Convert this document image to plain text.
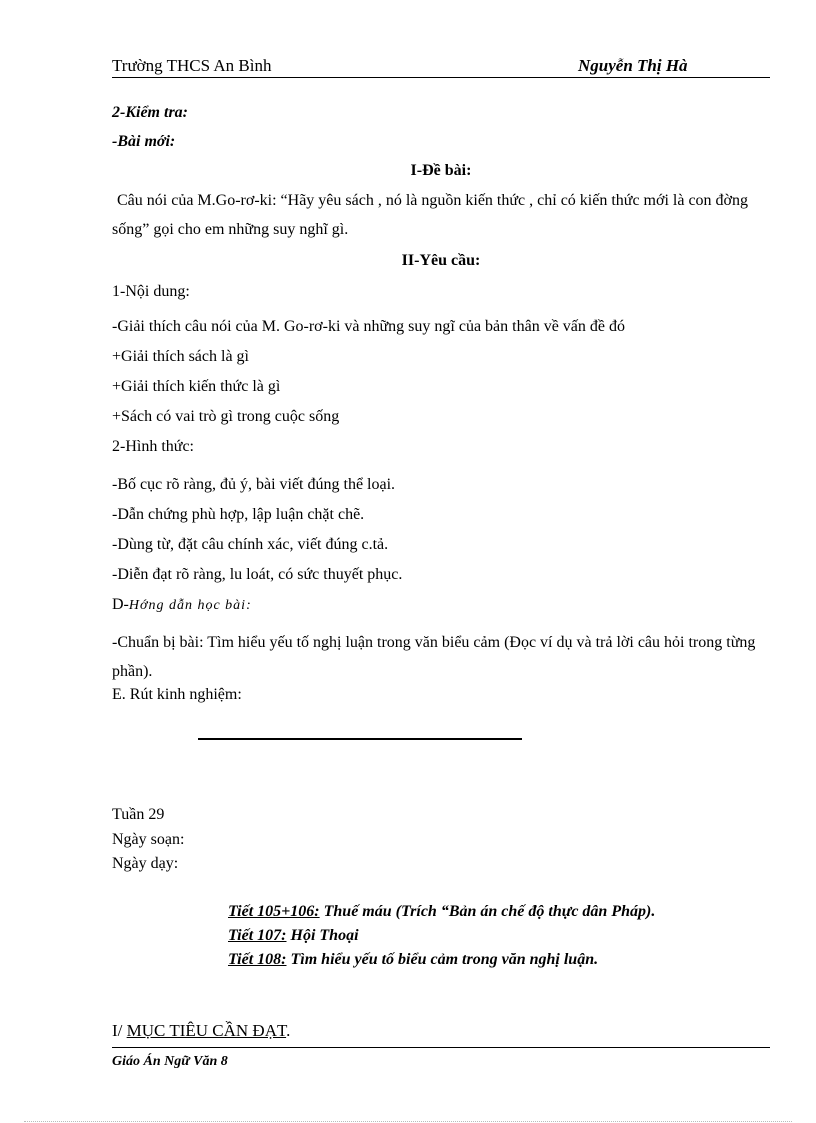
Trường THCS An Bình	Nguyễn Thị Hà
2-Kiểm tra:
-Bài mới:
I-Đề bài:
Câu nói của M.Go-rơ-ki: “Hãy yêu sách , nó là nguồn kiến thức , chỉ có kiến thức mới là con đờng sống” gọi cho em những suy nghĩ gì.
II-Yêu cầu:
1-Nội dung:
-Giải thích câu nói của M. Go-rơ-ki và những suy ngĩ của bản thân về vấn đề đó
+Giải thích sách là gì
+Giải thích kiến thức là gì
+Sách có vai trò gì trong cuộc sống
2-Hình thức:
-Bố cục rõ ràng, đủ ý, bài viết đúng thể loại.
-Dẫn chứng phù hợp, lập luận chặt chẽ.
-Dùng từ, đặt câu chính xác, viết đúng c.tả.
-Diễn đạt rõ ràng, lu loát, có sức thuyết phục.
D-Hớng dẫn học bài:
-Chuẩn bị bài: Tìm hiểu yếu tố nghị luận trong văn biểu cảm (Đọc ví dụ và trả lời câu hỏi trong từng phần).
E. Rút kinh nghiệm:
Tuần 29
Ngày soạn:
Ngày dạy:
Tiết 105+106: Thuế máu (Trích “Bản án chế độ thực dân Pháp).
Tiết 107: Hội Thoại
Tiết 108: Tìm hiểu yếu tố biểu cảm trong văn nghị luận.
I/ MỤC TIÊU CẦN ĐẠT.
Giáo Án Ngữ Văn 8
